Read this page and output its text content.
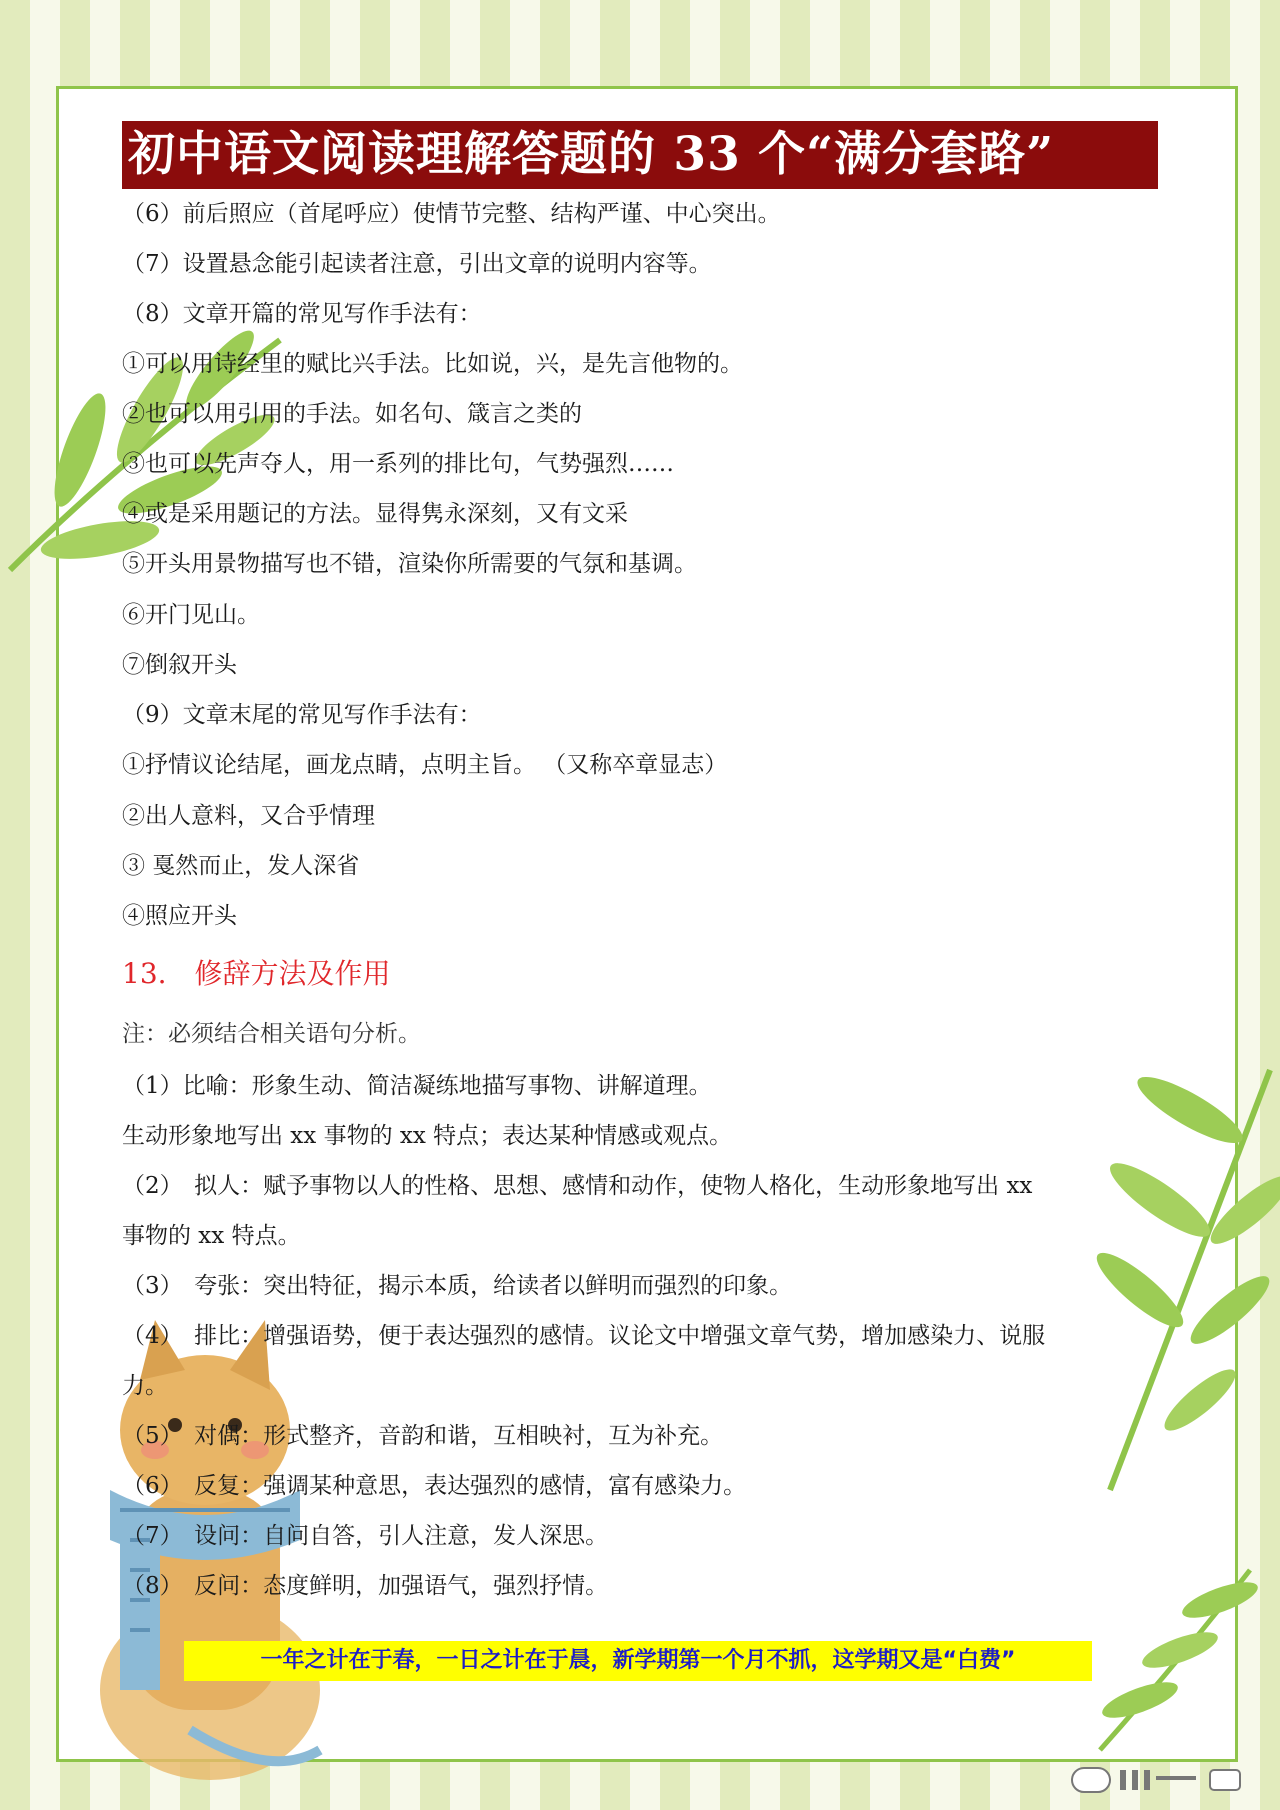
初中语文阅读理解答题的 33 个“满分套路”
（6）前后照应（首尾呼应）使情节完整、结构严谨、中心突出。
（7）设置悬念能引起读者注意，引出文章的说明内容等。
（8）文章开篇的常见写作手法有：
①可以用诗经里的赋比兴手法。比如说，兴，是先言他物的。
②也可以用引用的手法。如名句、箴言之类的
③也可以先声夺人，用一系列的排比句，气势强烈……
④或是采用题记的方法。显得隽永深刻，又有文采
⑤开头用景物描写也不错，渲染你所需要的气氛和基调。
⑥开门见山。
⑦倒叙开头
（9）文章末尾的常见写作手法有：
①抒情议论结尾，画龙点睛，点明主旨。 （又称卒章显志）
②出人意料，又合乎情理
③ 戛然而止，发人深省
④照应开头
13.　修辞方法及作用
注：必须结合相关语句分析。
（1）比喻：形象生动、简洁凝练地描写事物、讲解道理。
生动形象地写出 xx 事物的 xx 特点；表达某种情感或观点。
（2）　拟人：赋予事物以人的性格、思想、感情和动作，使物人格化，生动形象地写出 xx
事物的 xx 特点。
（3）　夸张：突出特征，揭示本质，给读者以鲜明而强烈的印象。
（4）　排比：增强语势，便于表达强烈的感情。议论文中增强文章气势，增加感染力、说服
力。
（5）　对偶：形式整齐，音韵和谐，互相映衬，互为补充。
（6）　反复：强调某种意思，表达强烈的感情，富有感染力。
（7）　设问：自问自答，引人注意，发人深思。
（8）　反问：态度鲜明，加强语气，强烈抒情。
一年之计在于春，一日之计在于晨，新学期第一个月不抓，这学期又是“白费”
